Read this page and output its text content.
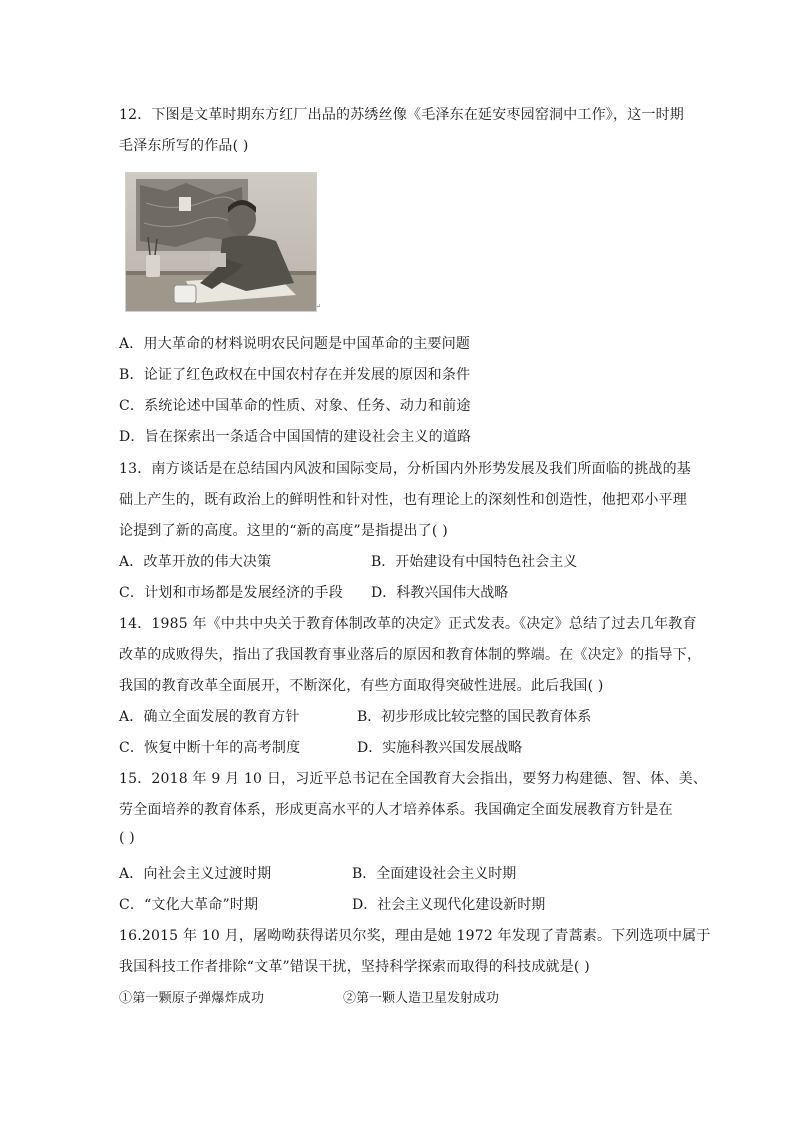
12．下图是文革时期东方红厂出品的苏绣丝像《毛泽东在延安枣园窑洞中工作》，这一时期
毛泽东所写的作品( )
↵
A．用大革命的材料说明农民问题是中国革命的主要问题
B．论证了红色政权在中国农村存在并发展的原因和条件
C．系统论述中国革命的性质、对象、任务、动力和前途
D．旨在探索出一条适合中国国情的建设社会主义的道路
13．南方谈话是在总结国内风波和国际变局，分析国内外形势发展及我们所面临的挑战的基
础上产生的，既有政治上的鲜明性和针对性，也有理论上的深刻性和创造性，他把邓小平理
论提到了新的高度。这里的“新的高度”是指提出了( )
A．改革开放的伟大决策	B．开始建设有中国特色社会主义
C．计划和市场都是发展经济的手段 D．科教兴国伟大战略
14．1985 年《中共中央关于教育体制改革的决定》正式发表。《决定》总结了过去几年教育
改革的成败得失，指出了我国教育事业落后的原因和教育体制的弊端。在《决定》的指导下，
我国的教育改革全面展开，不断深化，有些方面取得突破性进展。此后我国( )
A．确立全面发展的教育方针	B．初步形成比较完整的国民教育体系
C．恢复中断十年的高考制度	D．实施科教兴国发展战略
15．2018 年 9 月 10 日，习近平总书记在全国教育大会指出，要努力构建德、智、体、美、
劳全面培养的教育体系，形成更高水平的人才培养体系。我国确定全面发展教育方针是在
( )
A．向社会主义过渡时期	B．全面建设社会主义时期
C．“文化大革命”时期	D．社会主义现代化建设新时期
16.2015 年 10 月，屠呦呦获得诺贝尔奖，理由是她 1972 年发现了青蒿素。下列选项中属于
我国科技工作者排除“文革”错误干扰，坚持科学探索而取得的科技成就是( )
①第一颗原子弹爆炸成功	②第一颗人造卫星发射成功
